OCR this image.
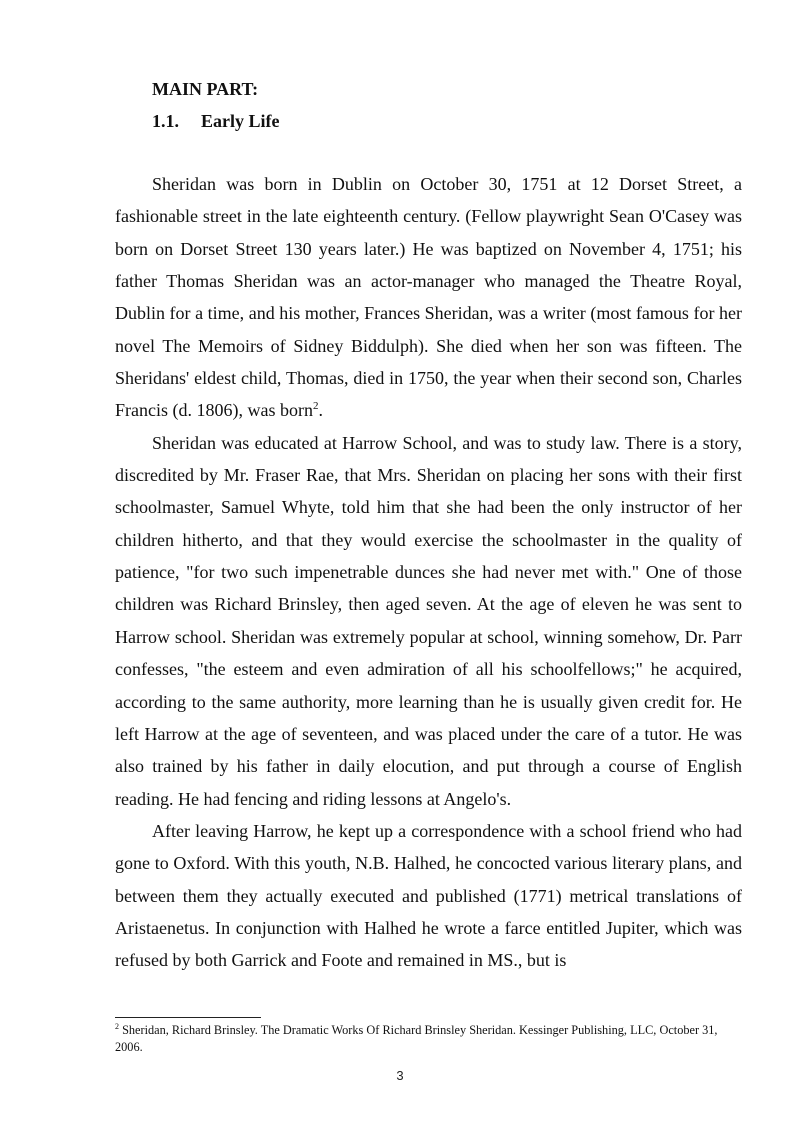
MAIN PART:
1.1. Early Life

Sheridan was born in Dublin on October 30, 1751 at 12 Dorset Street, a fashionable street in the late eighteenth century. (Fellow playwright Sean O'Casey was born on Dorset Street 130 years later.) He was baptized on November 4, 1751; his father Thomas Sheridan was an actor-manager who managed the Theatre Royal, Dublin for a time, and his mother, Frances Sheridan, was a writer (most famous for her novel The Memoirs of Sidney Biddulph). She died when her son was fifteen. The Sheridans' eldest child, Thomas, died in 1750, the year when their second son, Charles Francis (d. 1806), was born$^2$.

Sheridan was educated at Harrow School, and was to study law. There is a story, discredited by Mr. Fraser Rae, that Mrs. Sheridan on placing her sons with their first schoolmaster, Samuel Whyte, told him that she had been the only instructor of her children hitherto, and that they would exercise the schoolmaster in the quality of patience, "for two such impenetrable dunces she had never met with." One of those children was Richard Brinsley, then aged seven. At the age of eleven he was sent to Harrow school. Sheridan was extremely popular at school, winning somehow, Dr. Parr confesses, "the esteem and even admiration of all his schoolfellows;" he acquired, according to the same authority, more learning than he is usually given credit for. He left Harrow at the age of seventeen, and was placed under the care of a tutor. He was also trained by his father in daily elocution, and put through a course of English reading. He had fencing and riding lessons at Angelo's.

After leaving Harrow, he kept up a correspondence with a school friend who had gone to Oxford. With this youth, N.B. Halhed, he concocted various literary plans, and between them they actually executed and published (1771) metrical translations of Aristaenetus. In conjunction with Halhed he wrote a farce entitled Jupiter, which was refused by both Garrick and Foote and remained in MS., but is

$^2$ Sheridan, Richard Brinsley. The Dramatic Works Of Richard Brinsley Sheridan. Kessinger Publishing, LLC, October 31, 2006.
3
